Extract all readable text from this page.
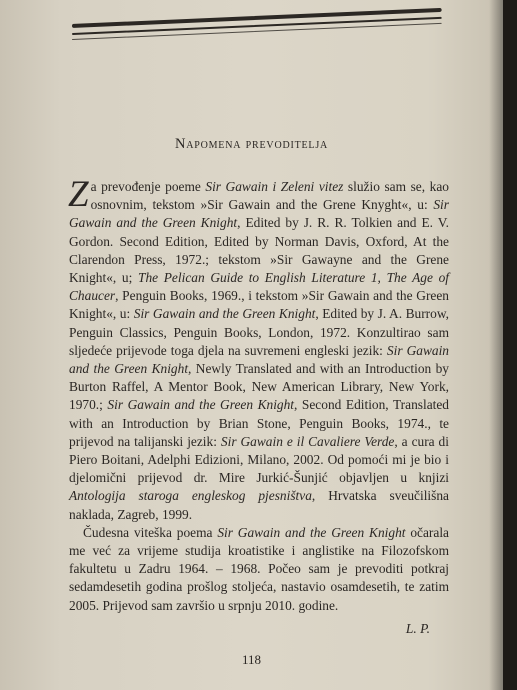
Napomena prevoditelja

Za prevođenje poeme Sir Gawain i Zeleni vitez služio sam se, kao osnovnim, tekstom »Sir Gawain and the Grene Knyght«, u: Sir Gawain and the Green Knight, Edited by J. R. R. Tolkien and E. V. Gordon. Second Edition, Edited by Norman Davis, Oxford, At the Clarendon Press, 1972.; tekstom »Sir Gawayne and the Grene Knight«, u; The Pelican Guide to English Literature 1, The Age of Chaucer, Penguin Books, 1969., i tekstom »Sir Gawain and the Green Knight«, u: Sir Gawain and the Green Knight, Edited by J. A. Burrow, Penguin Classics, Penguin Books, London, 1972. Konzultirao sam sljedeće prijevode toga djela na suvremeni engleski jezik: Sir Gawain and the Green Knight, Newly Translated and with an Introduction by Burton Raffel, A Mentor Book, New American Library, New York, 1970.; Sir Gawain and the Green Knight, Second Edition, Translated with an Introduction by Brian Stone, Penguin Books, 1974., te prijevod na talijanski jezik: Sir Gawain e il Cavaliere Verde, a cura di Piero Boitani, Adelphi Edizioni, Milano, 2002. Od pomoći mi je bio i djelomični prijevod dr. Mire Jurkić-Šunjić objavljen u knjizi Antologija staroga engleskog pjesništva, Hrvatska sveučilišna naklada, Zagreb, 1999.

Čudesna viteška poema Sir Gawain and the Green Knight očarala me već za vrijeme studija kroatistike i anglistike na Filozofskom fakultetu u Zadru 1964. – 1968. Počeo sam je prevoditi potkraj sedamdesetih godina prošlog stoljeća, nastavio osamdesetih, te zatim 2005. Prijevod sam završio u srpnju 2010. godine.

L. P.
118
